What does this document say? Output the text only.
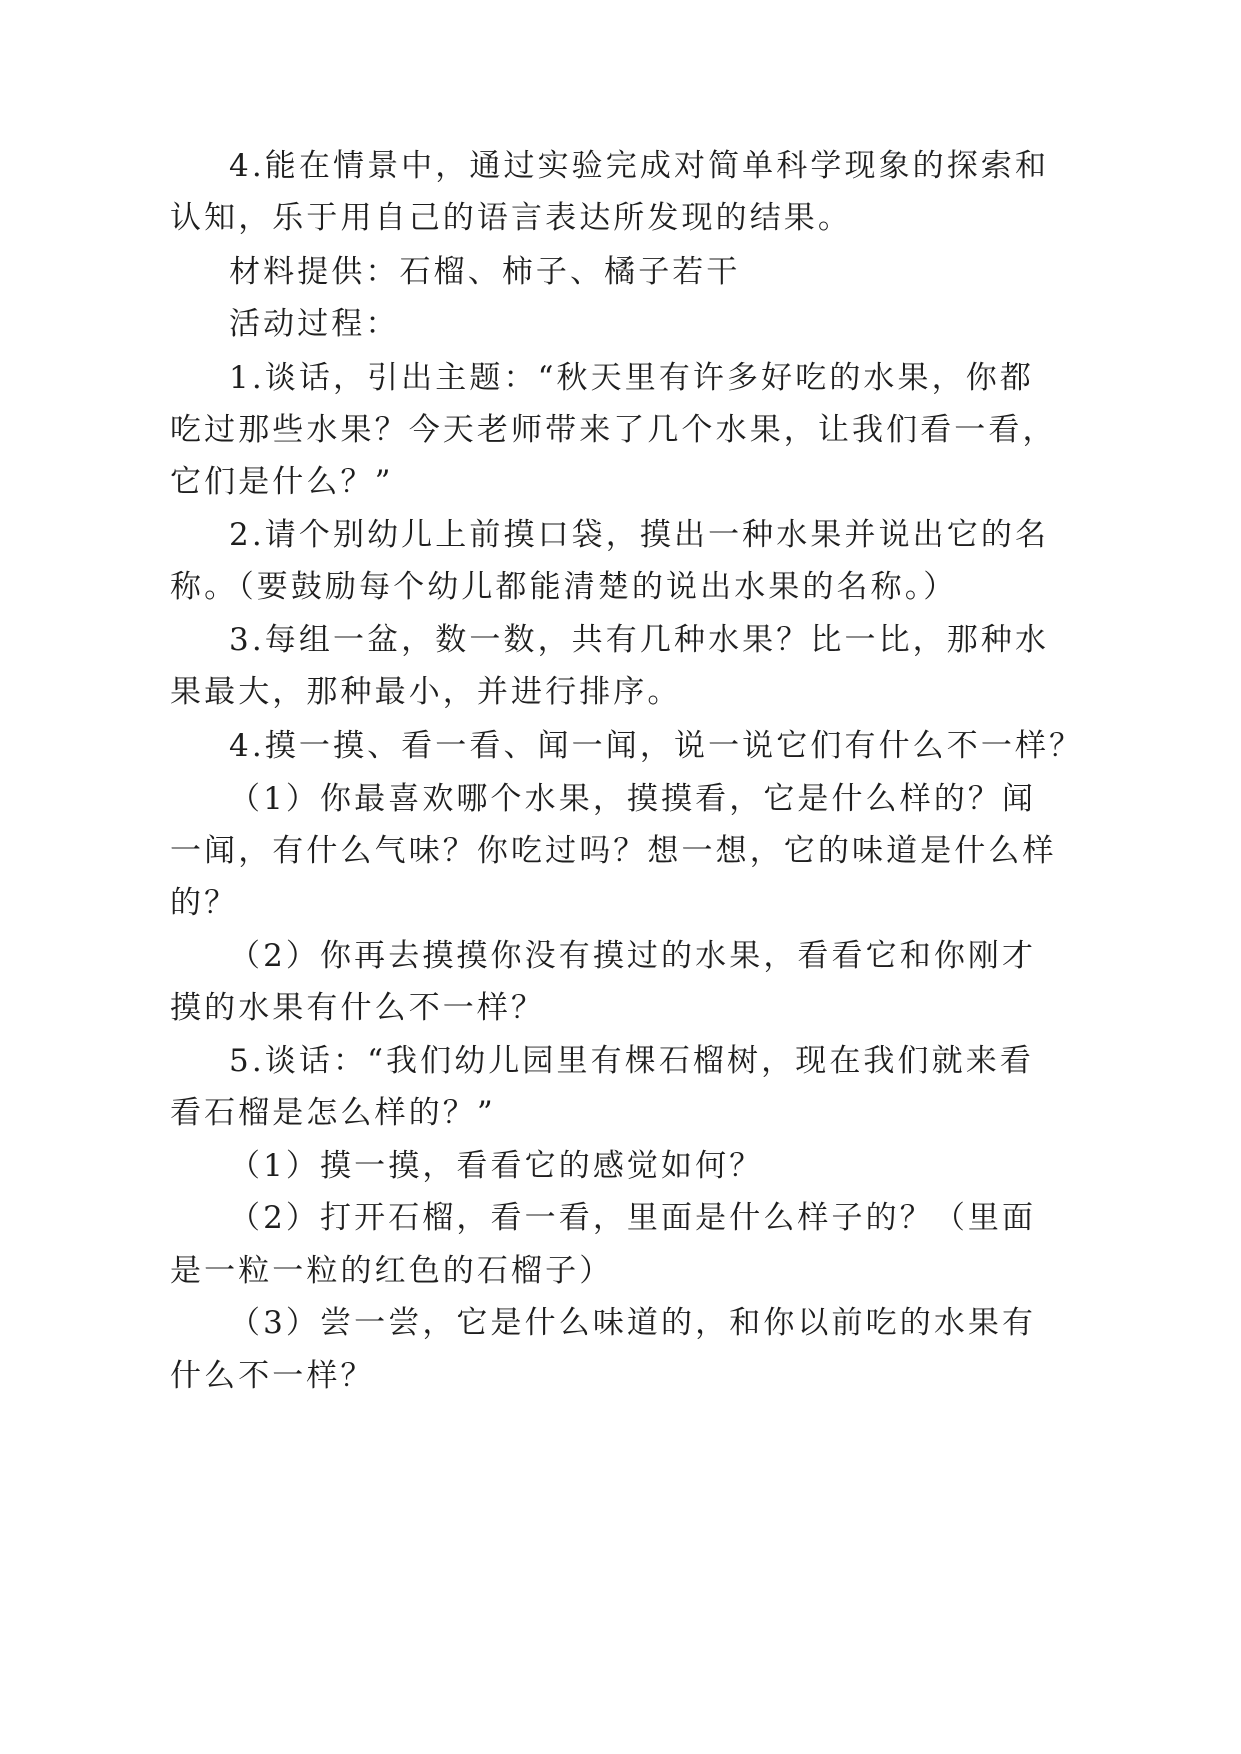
4.能在情景中，通过实验完成对简单科学现象的探索和
认知，乐于用自己的语言表达所发现的结果。
材料提供：石榴、柿子、橘子若干
活动过程：
1.谈话，引出主题：“秋天里有许多好吃的水果，你都
吃过那些水果？今天老师带来了几个水果，让我们看一看，
它们是什么？”
2.请个别幼儿上前摸口袋，摸出一种水果并说出它的名
称。（要鼓励每个幼儿都能清楚的说出水果的名称。）
3.每组一盆，数一数，共有几种水果？比一比，那种水
果最大，那种最小，并进行排序。
4.摸一摸、看一看、闻一闻，说一说它们有什么不一样？
（1）你最喜欢哪个水果，摸摸看，它是什么样的？闻
一闻，有什么气味？你吃过吗？想一想，它的味道是什么样
的？
（2）你再去摸摸你没有摸过的水果，看看它和你刚才
摸的水果有什么不一样？
5.谈话：“我们幼儿园里有棵石榴树，现在我们就来看
看石榴是怎么样的？”
（1）摸一摸，看看它的感觉如何？
（2）打开石榴，看一看，里面是什么样子的？（里面
是一粒一粒的红色的石榴子）
（3）尝一尝，它是什么味道的，和你以前吃的水果有
什么不一样？
